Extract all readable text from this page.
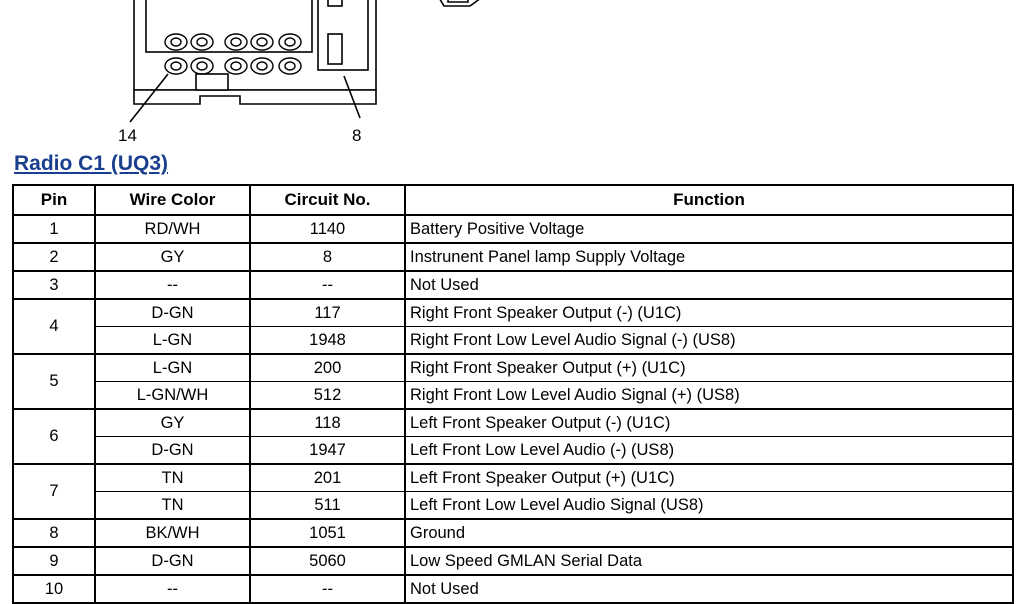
14	8
Radio C1 (UQ3)
Pin	Wire Color	Circuit No.	Function
1	RD/WH	1140	Battery Positive Voltage
2	GY	8	Instrunent Panel lamp Supply Voltage
3	--	--	Not Used
4	D-GN	117	Right Front Speaker Output (-) (U1C)
	L-GN	1948	Right Front Low Level Audio Signal (-) (US8)
5	L-GN	200	Right Front Speaker Output (+) (U1C)
	L-GN/WH	512	Right Front Low Level Audio Signal (+) (US8)
6	GY	118	Left Front Speaker Output (-) (U1C)
	D-GN	1947	Left Front Low Level Audio (-) (US8)
7	TN	201	Left Front Speaker Output (+) (U1C)
	TN	511	Left Front Low Level Audio Signal (US8)
8	BK/WH	1051	Ground
9	D-GN	5060	Low Speed GMLAN Serial Data
10	--	--	Not Used
